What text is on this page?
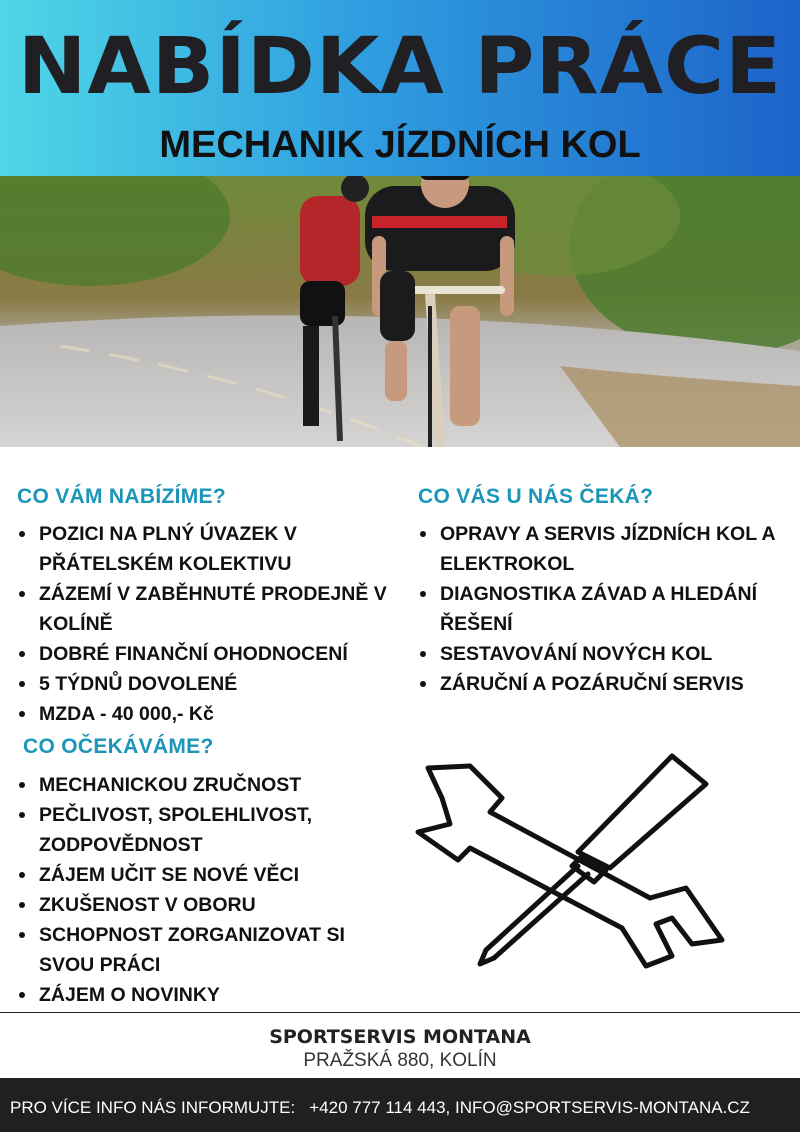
NABÍDKA PRÁCE
MECHANIK JÍZDNÍCH KOL
CO VÁM NABÍZÍME?
POZICI NA PLNÝ ÚVAZEK V PŘÁTELSKÉM KOLEKTIVU
ZÁZEMÍ V ZABĚHNUTÉ PRODEJNĚ V KOLÍNĚ
DOBRÉ FINANČNÍ OHODNOCENÍ
5 TÝDNŮ DOVOLENÉ
MZDA - 40 000,- Kč
CO OČEKÁVÁME?
MECHANICKOU ZRUČNOST
PEČLIVOST, SPOLEHLIVOST, ZODPOVĚDNOST
ZÁJEM UČIT SE NOVÉ VĚCI
ZKUŠENOST V OBORU
SCHOPNOST ZORGANIZOVAT SI SVOU PRÁCI
ZÁJEM O NOVINKY
CO VÁS U NÁS ČEKÁ?
OPRAVY A SERVIS JÍZDNÍCH KOL A ELEKTROKOL
DIAGNOSTIKA ZÁVAD A HLEDÁNÍ ŘEŠENÍ
SESTAVOVÁNÍ NOVÝCH KOL
ZÁRUČNÍ A POZÁRUČNÍ SERVIS
SPORTSERVIS MONTANA
PRAŽSKÁ 880, KOLÍN
PRO VÍCE INFO NÁS INFORMUJTE: +420 777 114 443, INFO@SPORTSERVIS-MONTANA.CZ
